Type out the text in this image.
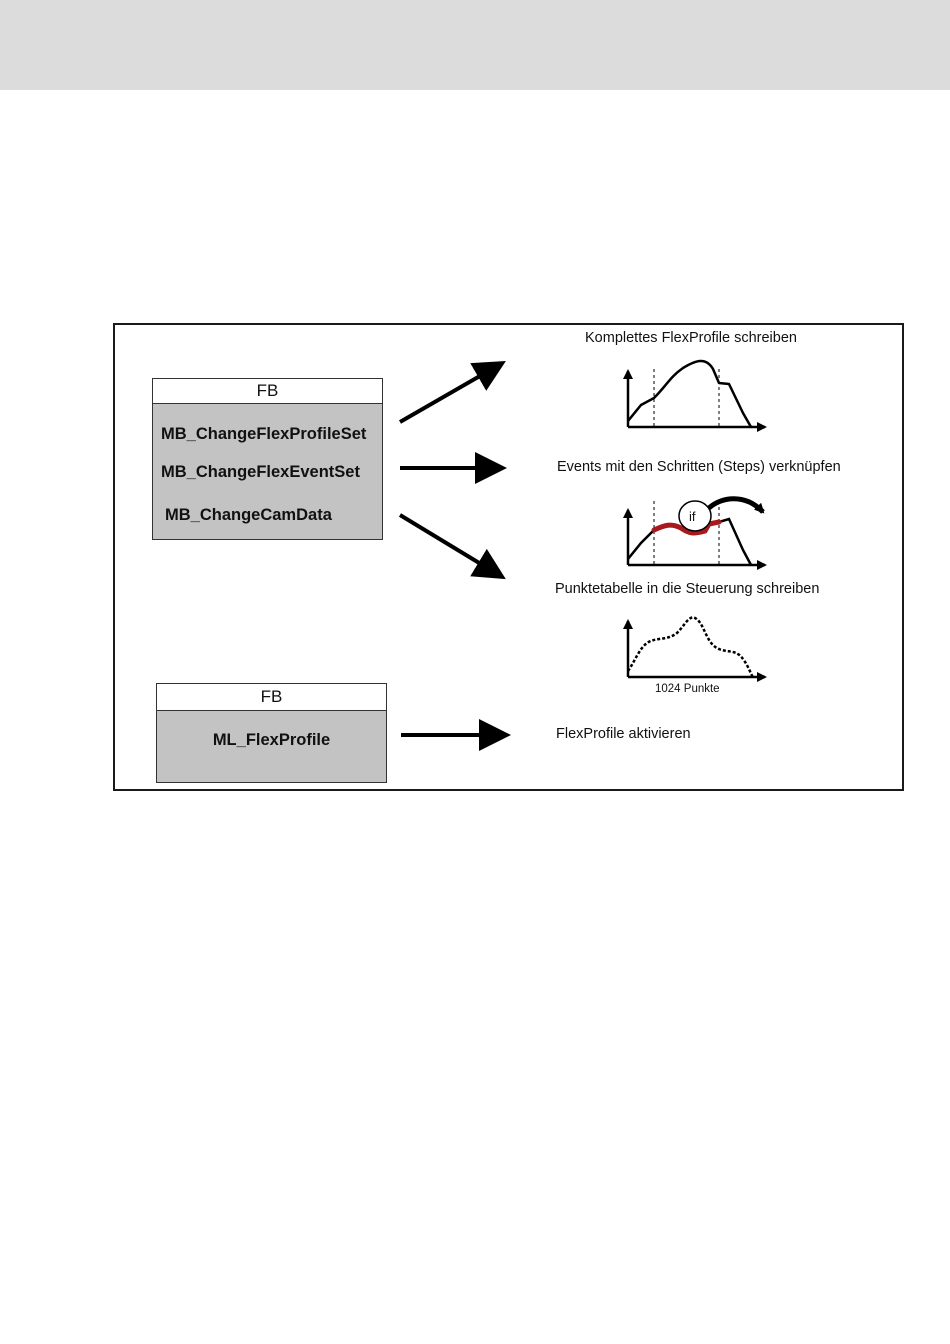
FB
MB_ChangeFlexProfileSet
MB_ChangeFlexEventSet
MB_ChangeCamData
FB
ML_FlexProfile
Komplettes FlexProfile schreiben
Events mit den Schritten (Steps) verknüpfen
Punktetabelle in die Steuerung schreiben
FlexProfile aktivieren
if
1024 Punkte
